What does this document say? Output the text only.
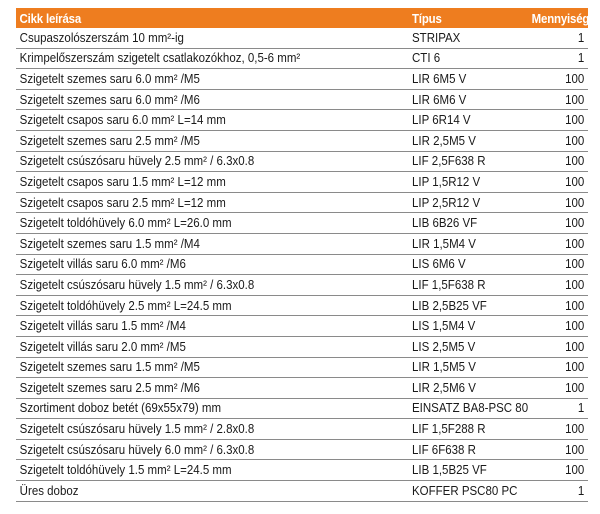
Cikk leírása	Típus	Mennyiség
Csupaszolószerszám 10 mm²-ig	STRIPAX	1
Krimpelőszerszám szigetelt csatlakozókhoz, 0,5-6 mm²	CTI 6	1
Szigetelt szemes saru 6.0 mm² /M5	LIR 6M5 V	100
Szigetelt szemes saru 6.0 mm² /M6	LIR 6M6 V	100
Szigetelt csapos saru 6.0 mm² L=14 mm	LIP 6R14 V	100
Szigetelt szemes saru 2.5 mm² /M5	LIR 2,5M5 V	100
Szigetelt csúszósaru hüvely 2.5 mm² / 6.3x0.8	LIF 2,5F638 R	100
Szigetelt csapos saru 1.5 mm² L=12 mm	LIP 1,5R12 V	100
Szigetelt csapos saru 2.5 mm² L=12 mm	LIP 2,5R12 V	100
Szigetelt toldóhüvely 6.0 mm² L=26.0 mm	LIB 6B26 VF	100
Szigetelt szemes saru 1.5 mm² /M4	LIR 1,5M4 V	100
Szigetelt villás saru 6.0 mm² /M6	LIS 6M6 V	100
Szigetelt csúszósaru hüvely 1.5 mm² / 6.3x0.8	LIF 1,5F638 R	100
Szigetelt toldóhüvely 2.5 mm² L=24.5 mm	LIB 2,5B25 VF	100
Szigetelt villás saru 1.5 mm² /M4	LIS 1,5M4 V	100
Szigetelt villás saru 2.0 mm² /M5	LIS 2,5M5 V	100
Szigetelt szemes saru 1.5 mm² /M5	LIR 1,5M5 V	100
Szigetelt szemes saru 2.5 mm² /M6	LIR 2,5M6 V	100
Szortiment doboz betét (69x55x79) mm	EINSATZ BA8-PSC 80	1
Szigetelt csúszósaru hüvely 1.5 mm² / 2.8x0.8	LIF 1,5F288 R	100
Szigetelt csúszósaru hüvely 6.0 mm² / 6.3x0.8	LIF 6F638 R	100
Szigetelt toldóhüvely 1.5 mm² L=24.5 mm	LIB 1,5B25 VF	100
Üres doboz	KOFFER PSC80 PC	1
